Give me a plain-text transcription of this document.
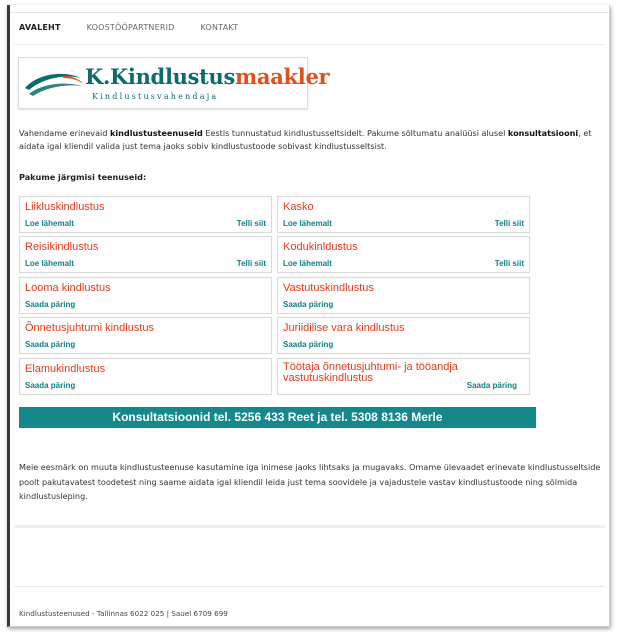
AVALEHT	KOOSTÖÖPARTNERID	KONTAKT
K.Kindlustusmaakler
Kindlustusvahendaja

Vahendame erinevaid kindlustusteenuseid Eestis tunnustatud kindlustusseltsidelt. Pakume sõltumatu analüüsi alusel konsultatsiooni, et aidata igal kliendil valida just tema jaoks sobiv kindlustustoode sobivast kindlustusseltsist.

Pakume järgmisi teenuseid:
Liikluskindlustus
Loe lähemalt	Telli siit
Kasko
Loe lähemalt	Telli siit
Reisikindlustus
Loe lähemalt	Telli siit
Kodukinldustus
Loe lähemalt	Telli siit
Looma kindlustus
Saada päring
Vastutuskindlustus
Saada päring
Õnnetusjuhtumi kindlustus
Saada päring
Juriidilise vara kindlustus
Saada päring
Elamukindlustus
Saada päring
Töötaja õnnetusjuhtumi- ja tööandja vastutuskindlustus
Saada päring
Konsultatsioonid tel. 5256 433 Reet ja tel. 5308 8136 Merle

Meie eesmärk on muuta kindlustusteenuse kasutamine iga inimese jaoks lihtsaks ja mugavaks. Omame ülevaadet erinevate kindlustusseltside poolt pakutavatest toodetest ning saame aidata igal kliendil leida just tema soovidele ja vajadustele vastav kindlustustoode ning sõlmida kindlustusleping.

Kindlustusteenused - Tallinnas 6022 025 | Sauel 6709 699
